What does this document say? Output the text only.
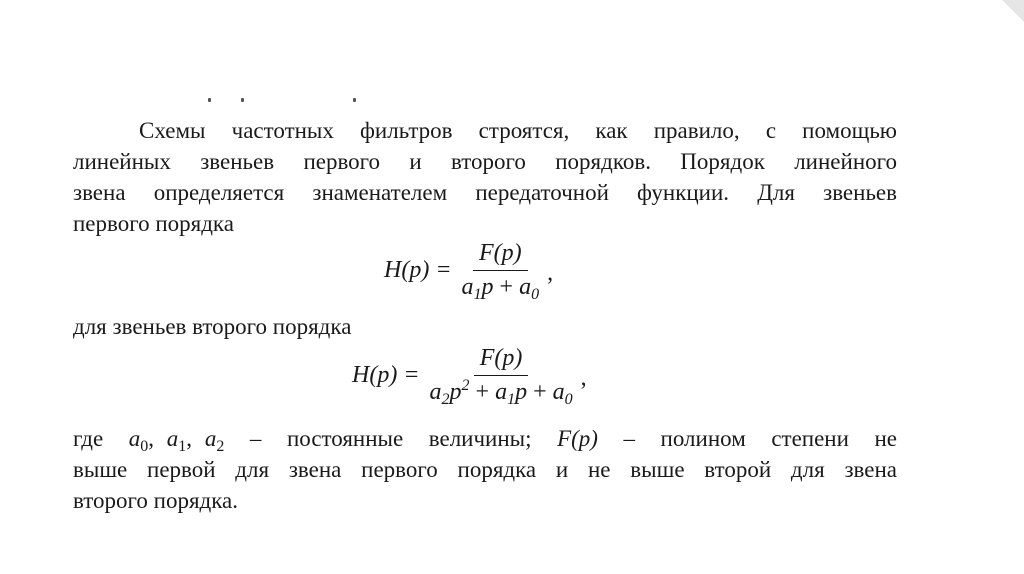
Схемы частотных фильтров строятся, как правило, с помощью
линейных звеньев первого и второго порядков. Порядок линейного
звена определяется знаменателем передаточной функции. Для звеньев
первого порядка
$H(p) = \frac{F(p)}{a_1p + a_0}$ ,
для звеньев второго порядка
$H(p) = \frac{F(p)}{a_2p^2 + a_1p + a_0}$ ,
где  $a_0$, $a_1$, $a_2$  –  постоянные  величины;  F(p)  –  полином  степени  не
выше первой для звена первого порядка и не выше второй для звена
второго порядка.
